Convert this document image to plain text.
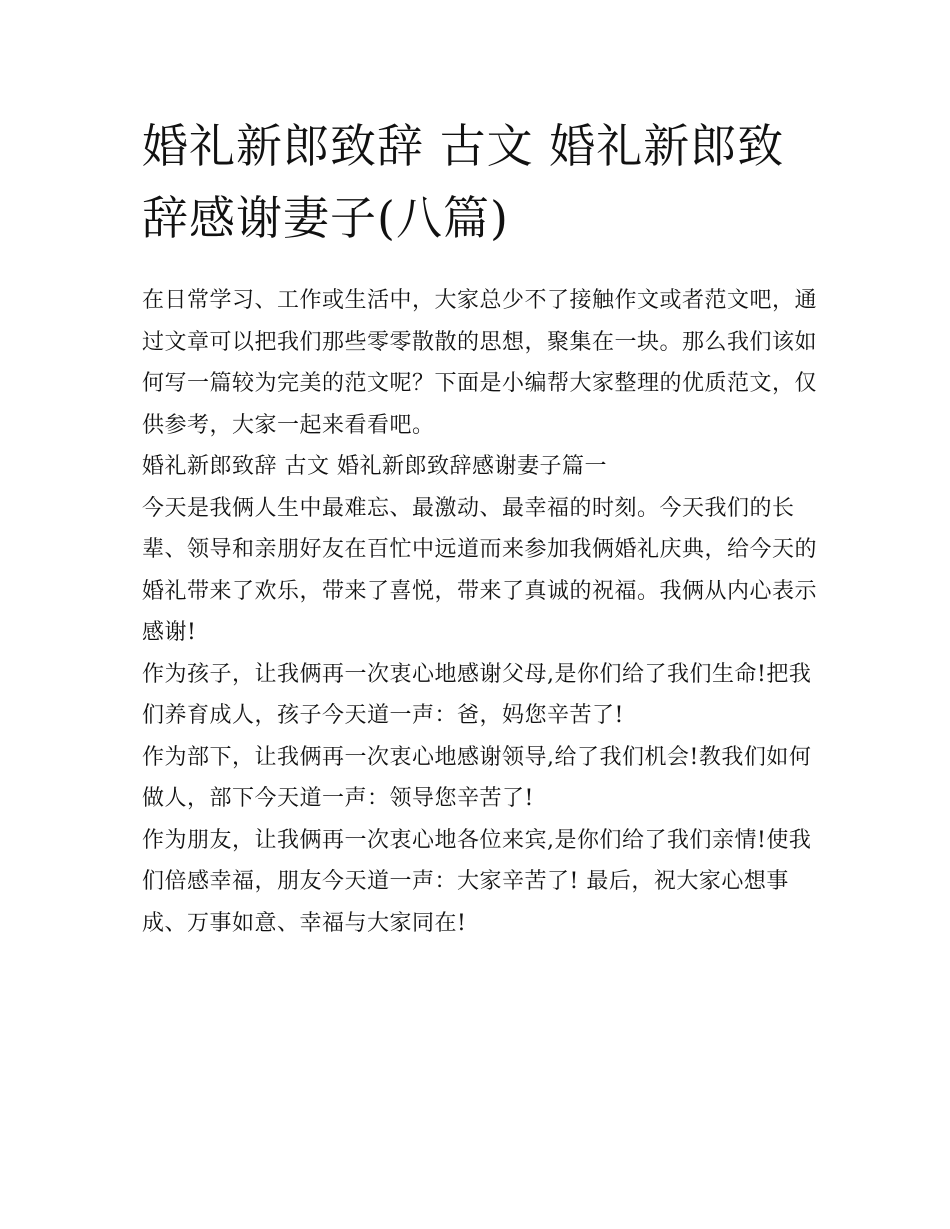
婚礼新郎致辞 古文 婚礼新郎致辞感谢妻子(八篇)

在日常学习、工作或生活中，大家总少不了接触作文或者范文吧，通过文章可以把我们那些零零散散的思想，聚集在一块。那么我们该如何写一篇较为完美的范文呢？下面是小编帮大家整理的优质范文，仅供参考，大家一起来看看吧。

婚礼新郎致辞 古文 婚礼新郎致辞感谢妻子篇一

今天是我俩人生中最难忘、最激动、最幸福的时刻。今天我们的长辈、领导和亲朋好友在百忙中远道而来参加我俩婚礼庆典，给今天的婚礼带来了欢乐，带来了喜悦，带来了真诚的祝福。我俩从内心表示感谢!

作为孩子，让我俩再一次衷心地感谢父母,是你们给了我们生命!把我们养育成人，孩子今天道一声：爸，妈您辛苦了!

作为部下，让我俩再一次衷心地感谢领导,给了我们机会!教我们如何做人，部下今天道一声：领导您辛苦了!

作为朋友，让我俩再一次衷心地各位来宾,是你们给了我们亲情!使我们倍感幸福，朋友今天道一声：大家辛苦了! 最后，祝大家心想事成、万事如意、幸福与大家同在!
